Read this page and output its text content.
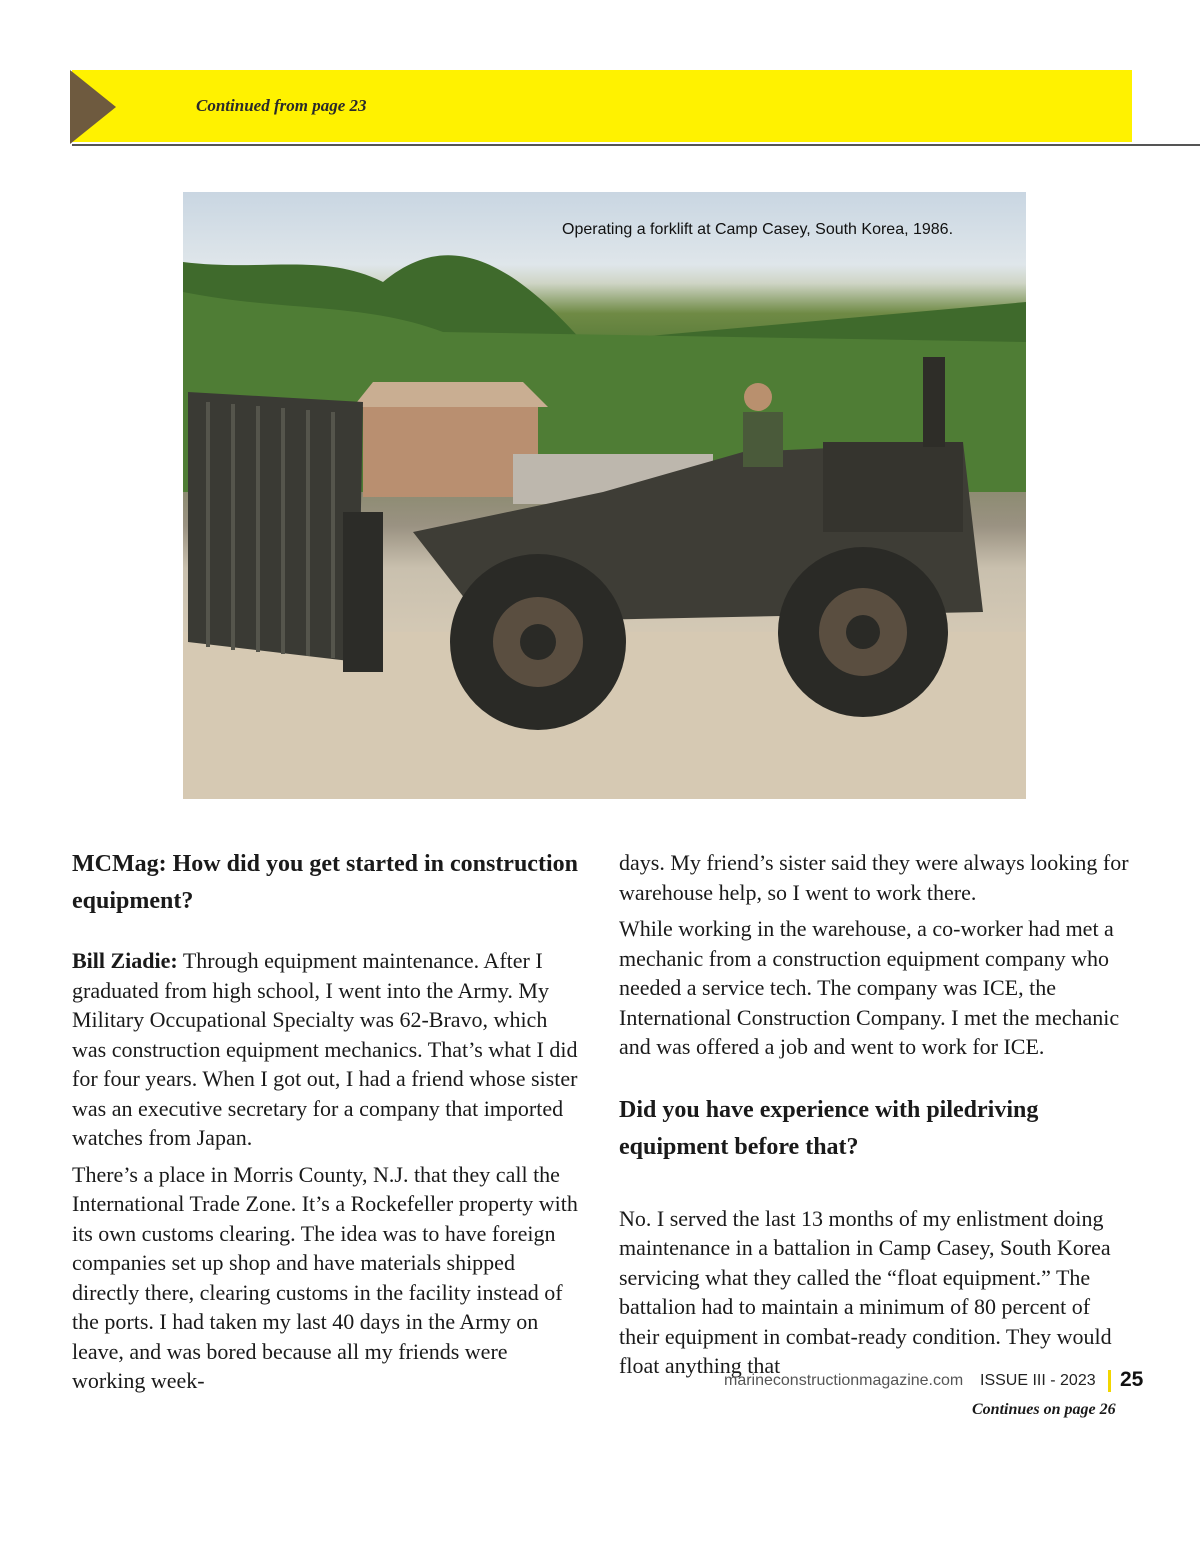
Continued from page 23
Operating a forklift at Camp Casey, South Korea, 1986.
MCMag: How did you get started in construction equipment?

Bill Ziadie: Through equipment maintenance. After I graduated from high school, I went into the Army. My Military Occupational Specialty was 62-Bravo, which was construction equipment mechanics. That’s what I did for four years. When I got out, I had a friend whose sister was an executive secretary for a company that imported watches from Japan.

There’s a place in Morris County, N.J. that they call the International Trade Zone. It’s a Rockefeller property with its own customs clearing. The idea was to have foreign companies set up shop and have materials shipped directly there, clearing customs in the facility instead of the ports. I had taken my last 40 days in the Army on leave, and was bored because all my friends were working week-

days. My friend’s sister said they were always looking for warehouse help, so I went to work there.

While working in the warehouse, a co-worker had met a mechanic from a construction equipment company who needed a service tech. The company was ICE, the International Construction Company. I met the mechanic and was offered a job and went to work for ICE.

Did you have experience with piledriving equipment before that?

No. I served the last 13 months of my enlistment doing maintenance in a battalion in Camp Casey, South Korea servicing what they called the “float equipment.” The battalion had to maintain a minimum of 80 percent of their equipment in combat-ready condition. They would float anything that

Continues on page 26
marineconstructionmagazine.com ISSUE III - 2023 25
